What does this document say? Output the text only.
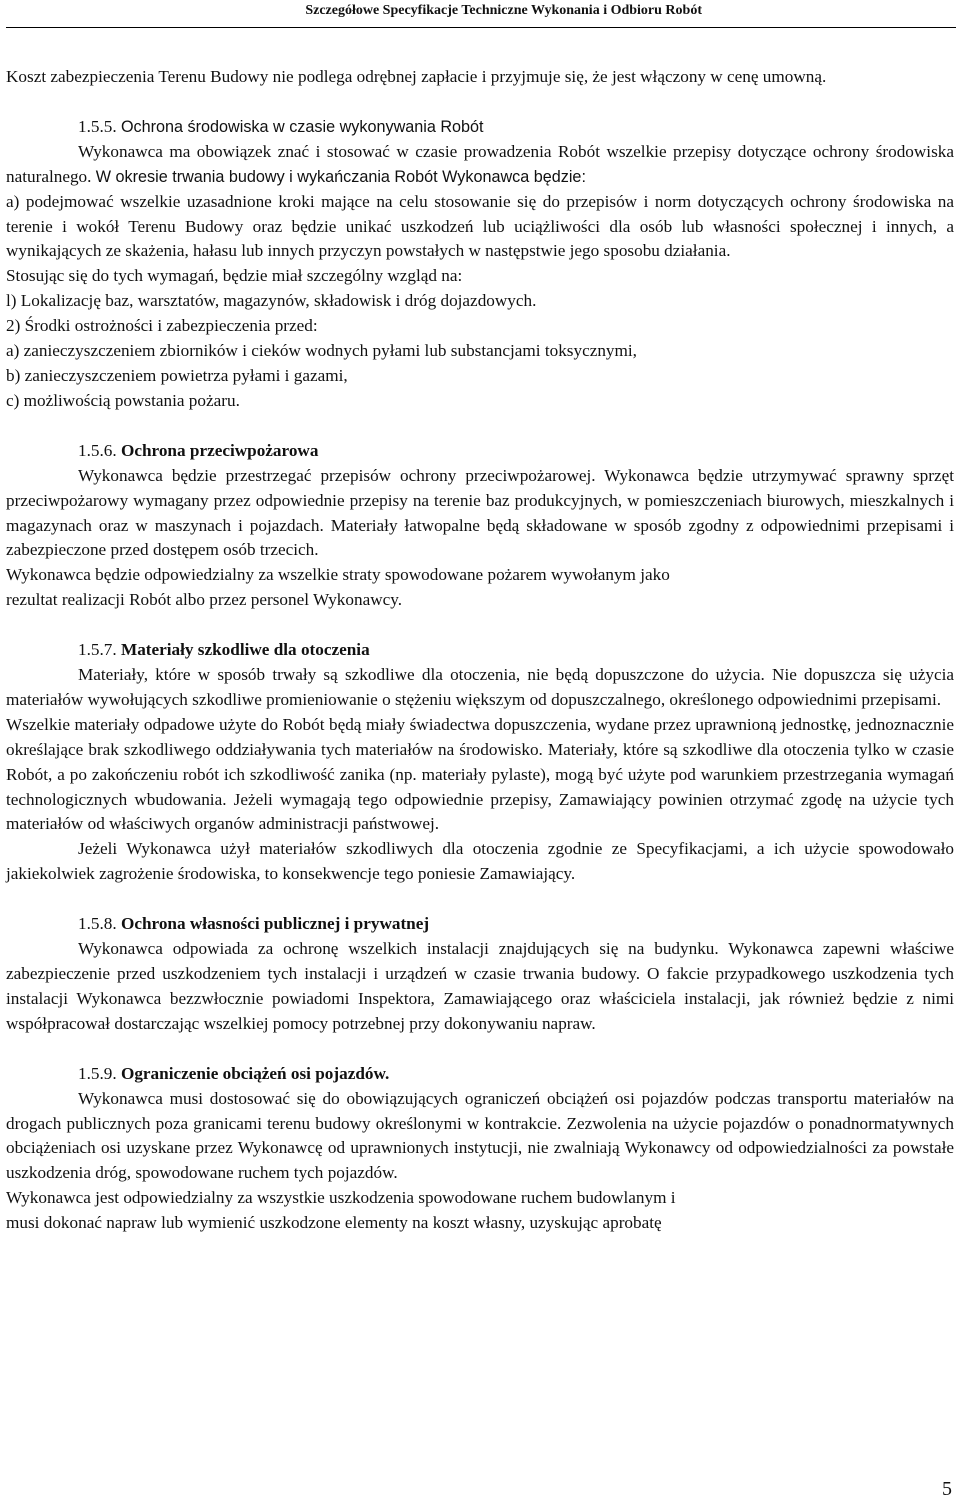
Szczegółowe Specyfikacje Techniczne Wykonania i Odbioru Robót

Koszt zabezpieczenia Terenu Budowy nie podlega odrębnej zapłacie i przyjmuje się, że jest włączony w cenę umowną.

1.5.5. Ochrona środowiska w czasie wykonywania Robót

Wykonawca ma obowiązek znać i stosować w czasie prowadzenia Robót wszelkie przepisy dotyczące ochrony środowiska naturalnego. W okresie trwania budowy i wykańczania Robót Wykonawca będzie:

a) podejmować wszelkie uzasadnione kroki mające na celu stosowanie się do przepisów i norm dotyczących ochrony środowiska na terenie i wokół Terenu Budowy oraz będzie unikać uszkodzeń lub uciążliwości dla osób lub własności społecznej i innych, a wynikających ze skażenia, hałasu lub innych przyczyn powstałych w następstwie jego sposobu działania.

Stosując się do tych wymagań, będzie miał szczególny wzgląd na:

l) Lokalizację baz, warsztatów, magazynów, składowisk i dróg dojazdowych.

2) Środki ostrożności i zabezpieczenia przed:

a) zanieczyszczeniem zbiorników i cieków wodnych pyłami lub substancjami toksycznymi,

b) zanieczyszczeniem powietrza pyłami i gazami,

c) możliwością powstania pożaru.

1.5.6. Ochrona przeciwpożarowa

Wykonawca będzie przestrzegać przepisów ochrony przeciwpożarowej. Wykonawca będzie utrzymywać sprawny sprzęt przeciwpożarowy wymagany przez odpowiednie przepisy na terenie baz produkcyjnych, w pomieszczeniach biurowych, mieszkalnych i magazynach oraz w maszynach i pojazdach. Materiały łatwopalne będą składowane w sposób zgodny z odpowiednimi przepisami i zabezpieczone przed dostępem osób trzecich.

Wykonawca będzie odpowiedzialny za wszelkie straty spowodowane pożarem wywołanym jako

rezultat realizacji Robót albo przez personel Wykonawcy.

1.5.7. Materiały szkodliwe dla otoczenia

Materiały, które w sposób trwały są szkodliwe dla otoczenia, nie będą dopuszczone do użycia. Nie dopuszcza się użycia materiałów wywołujących szkodliwe promieniowanie o stężeniu większym od dopuszczalnego, określonego odpowiednimi przepisami.

Wszelkie materiały odpadowe użyte do Robót będą miały świadectwa dopuszczenia, wydane przez uprawnioną jednostkę, jednoznacznie określające brak szkodliwego oddziaływania tych materiałów na środowisko. Materiały, które są szkodliwe dla otoczenia tylko w czasie Robót, a po zakończeniu robót ich szkodliwość zanika (np. materiały pylaste), mogą być użyte pod warunkiem przestrzegania wymagań technologicznych wbudowania. Jeżeli wymagają tego odpowiednie przepisy, Zamawiający powinien otrzymać zgodę na użycie tych materiałów od właściwych organów administracji państwowej.

Jeżeli Wykonawca użył materiałów szkodliwych dla otoczenia zgodnie ze Specyfikacjami, a ich użycie spowodowało jakiekolwiek zagrożenie środowiska, to konsekwencje tego poniesie Zamawiający.

1.5.8. Ochrona własności publicznej i prywatnej

Wykonawca odpowiada za ochronę wszelkich instalacji znajdujących się na budynku. Wykonawca zapewni właściwe zabezpieczenie przed uszkodzeniem tych instalacji i urządzeń w czasie trwania budowy. O fakcie przypadkowego uszkodzenia tych instalacji Wykonawca bezzwłocznie powiadomi Inspektora, Zamawiającego oraz właściciela instalacji, jak również będzie z nimi współpracował dostarczając wszelkiej pomocy potrzebnej przy dokonywaniu napraw.

1.5.9. Ograniczenie obciążeń osi pojazdów.

Wykonawca musi dostosować się do obowiązujących ograniczeń obciążeń osi pojazdów podczas transportu materiałów na drogach publicznych poza granicami terenu budowy określonymi w kontrakcie. Zezwolenia na użycie pojazdów o ponadnormatywnych obciążeniach osi uzyskane przez Wykonawcę od uprawnionych instytucji, nie zwalniają Wykonawcy od odpowiedzialności za powstałe uszkodzenia dróg, spowodowane ruchem tych pojazdów.

Wykonawca jest odpowiedzialny za wszystkie uszkodzenia spowodowane ruchem budowlanym i

musi dokonać napraw lub wymienić uszkodzone elementy na koszt własny, uzyskując aprobatę

5
